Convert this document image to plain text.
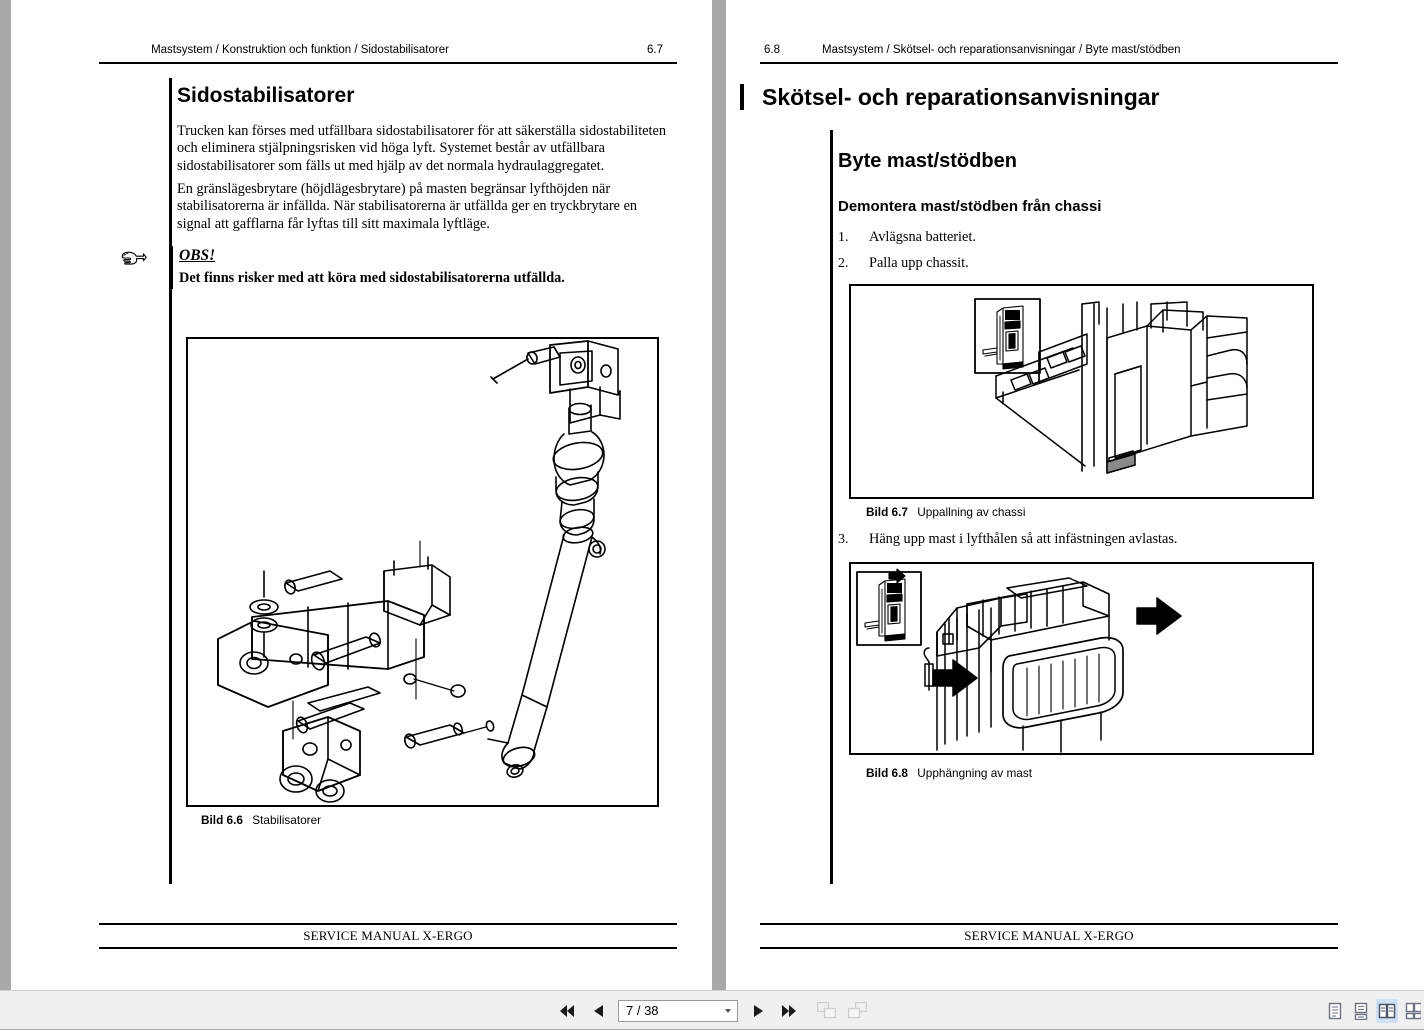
Mastsystem / Konstruktion och funktion / Sidostabilisatorer	6.7
Sidostabilisatorer
Trucken kan förses med utfällbara sidostabilisatorer för att säkerställa sidostabiliteten och eliminera stjälpningsrisken vid höga lyft. Systemet består av utfällbara sidostabilisatorer som fälls ut med hjälp av det normala hydraulaggregatet.
En gränslägesbrytare (höjdlägesbrytare) på masten begränsar lyfthöjden när stabilisatorerna är infällda. När stabilisatorerna är utfällda ger en tryckbrytare en signal att gafflarna får lyftas till sitt maximala lyftläge.
OBS!
Det finns risker med att köra med sidostabilisatorerna utfällda.
Bild 6.6 Stabilisatorer
SERVICE MANUAL X-ERGO
6.8	Mastsystem / Skötsel- och reparationsanvisningar / Byte mast/stödben
Skötsel- och reparationsanvisningar
Byte mast/stödben
Demontera mast/stödben från chassi
1. Avlägsna batteriet.
2. Palla upp chassit.
Bild 6.7 Uppallning av chassi
3. Häng upp mast i lyfthålen så att infästningen avlastas.
Bild 6.8 Upphängning av mast
SERVICE MANUAL X-ERGO
7 / 38
